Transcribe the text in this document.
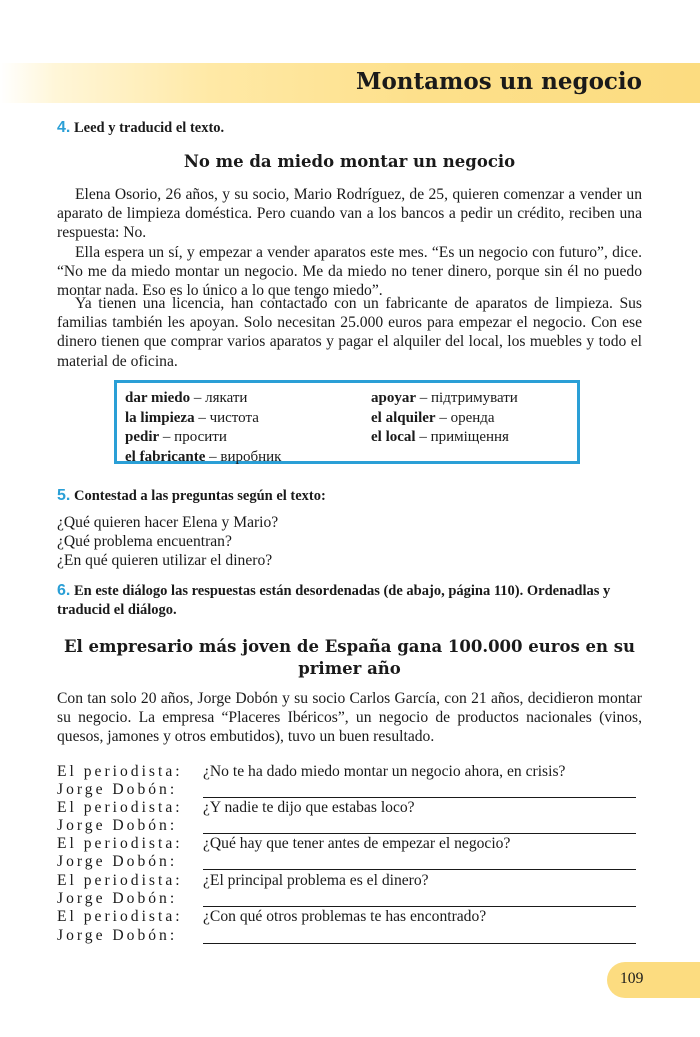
Montamos un negocio
4. Leed y traducid el texto.
No me da miedo montar un negocio

Elena Osorio, 26 años, y su socio, Mario Rodríguez, de 25, quieren comenzar a vender un aparato de limpieza doméstica. Pero cuando van a los bancos a pedir un crédito, reciben una respuesta: No.

Ella espera un sí, y empezar a vender aparatos este mes. “Es un negocio con futuro”, dice. “No me da miedo montar un negocio. Me da miedo no tener dinero, porque sin él no puedo montar nada. Eso es lo único a lo que tengo miedo”.

Ya tienen una licencia, han contactado con un fabricante de aparatos de limpieza. Sus familias también les apoyan. Solo necesitan 25.000 euros para empezar el negocio. Con ese dinero tienen que comprar varios aparatos y pagar el alquiler del local, los muebles y todo el material de oficina.

dar miedo – лякати
la limpieza – чистота
pedir – просити
el fabricante – виробник
apoyar – підтримувати
el alquiler – оренда
el local – приміщення
5. Contestad a las preguntas según el texto:
¿Qué quieren hacer Elena y Mario?
¿Qué problema encuentran?
¿En qué quieren utilizar el dinero?
6. En este diálogo las respuestas están desordenadas (de abajo, página 110). Ordenadlas y traducid el diálogo.
El empresario más joven de España gana 100.000 euros en su
primer año

Con tan solo 20 años, Jorge Dobón y su socio Carlos García, con 21 años, decidieron montar su negocio. La empresa “Placeres Ibéricos”, un negocio de productos nacionales (vinos, quesos, jamones y otros embutidos), tuvo un buen resultado.

El periodista: ¿No te ha dado miedo montar un negocio ahora, en crisis?
Jorge Dobón:
El periodista: ¿Y nadie te dijo que estabas loco?
Jorge Dobón:
El periodista: ¿Qué hay que tener antes de empezar el negocio?
Jorge Dobón:
El periodista: ¿El principal problema es el dinero?
Jorge Dobón:
El periodista: ¿Con qué otros problemas te has encontrado?
Jorge Dobón:
109
